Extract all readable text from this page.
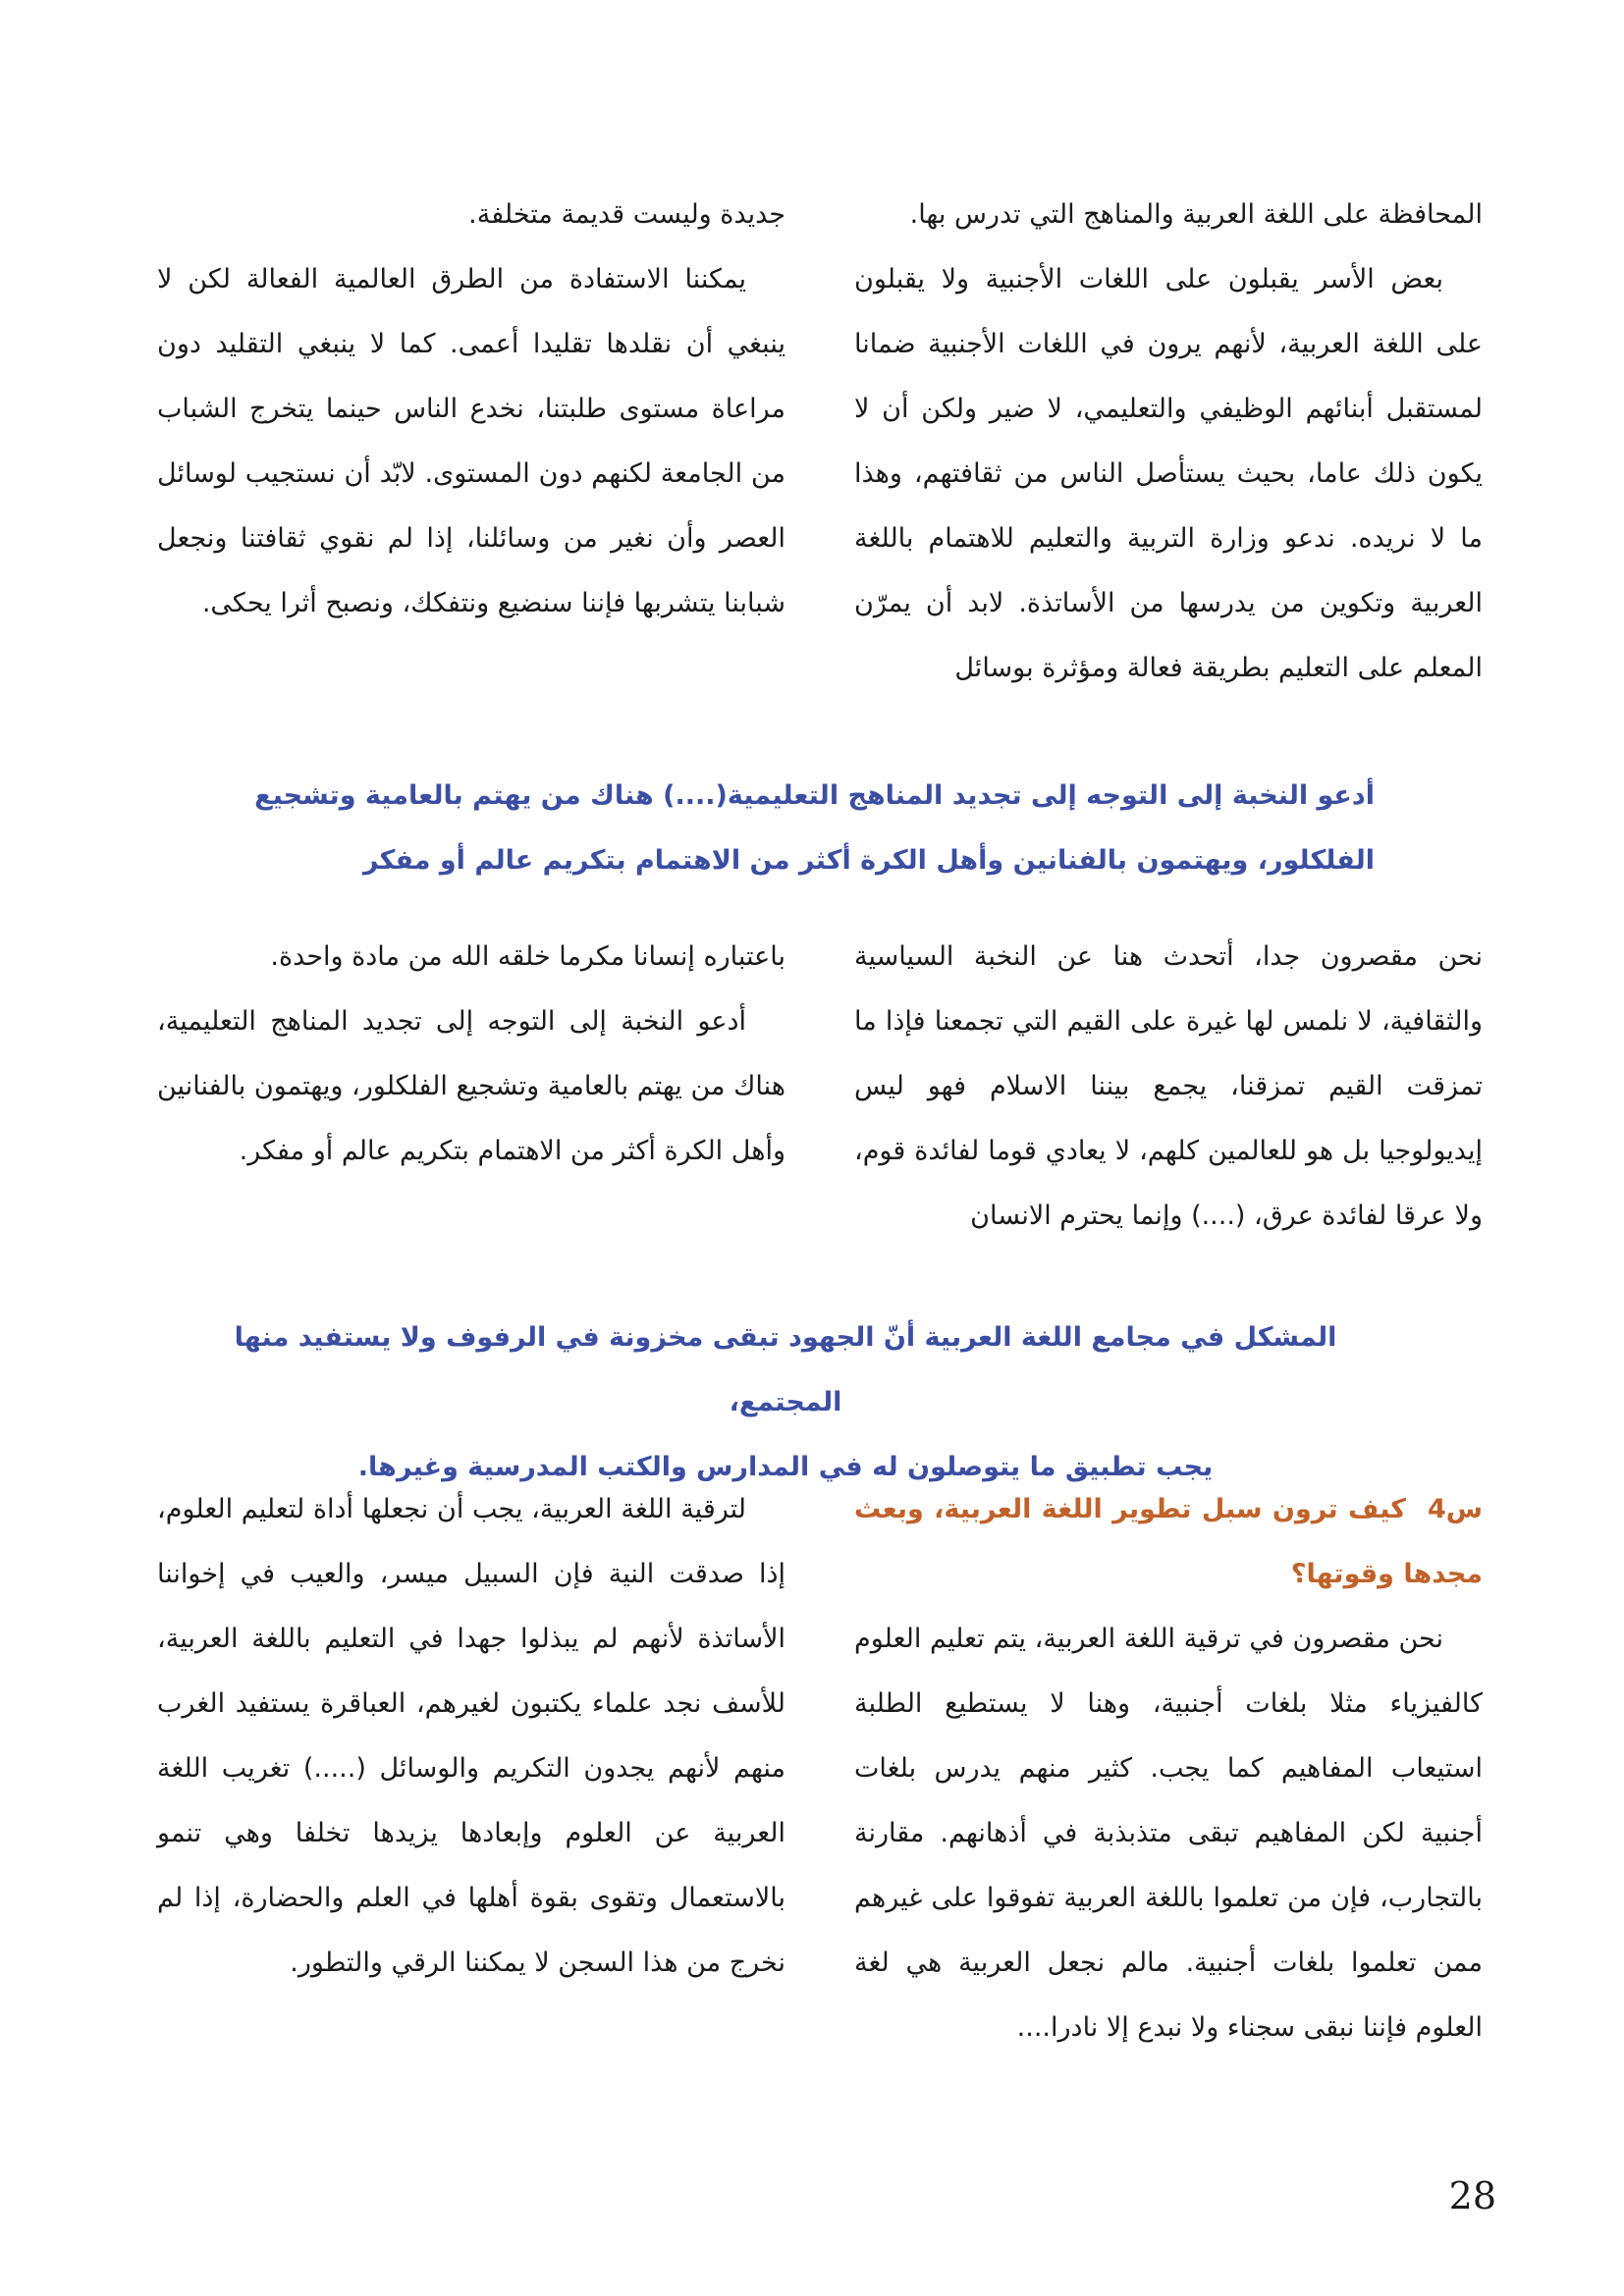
المحافظة على اللغة العربية والمناهج التي تدرس بها.

بعض الأسر يقبلون على اللغات الأجنبية ولا يقبلون على اللغة العربية، لأنهم يرون في اللغات الأجنبية ضمانا لمستقبل أبنائهم الوظيفي والتعليمي، لا ضير ولكن أن لا يكون ذلك عاما، بحيث يستأصل الناس من ثقافتهم، وهذا ما لا نريده. ندعو وزارة التربية والتعليم للاهتمام باللغة العربية وتكوين من يدرسها من الأساتذة. لابد أن يمرّن المعلم على التعليم بطريقة فعالة ومؤثرة بوسائل

جديدة وليست قديمة متخلفة.

يمكننا الاستفادة من الطرق العالمية الفعالة لكن لا ينبغي أن نقلدها تقليدا أعمى. كما لا ينبغي التقليد دون مراعاة مستوى طلبتنا، نخدع الناس حينما يتخرج الشباب من الجامعة لكنهم دون المستوى. لابّد أن نستجيب لوسائل العصر وأن نغير من وسائلنا، إذا لم نقوي ثقافتنا ونجعل شبابنا يتشربها فإننا سنضيع ونتفكك، ونصبح أثرا يحكى.

أدعو النخبة إلى التوجه إلى تجديد المناهج التعليمية(....) هناك من يهتم بالعامية وتشجيع

الفلكلور، ويهتمون بالفنانين وأهل الكرة أكثر من الاهتمام بتكريم عالم أو مفكر

نحن مقصرون جدا، أتحدث هنا عن النخبة السياسية والثقافية، لا نلمس لها غيرة على القيم التي تجمعنا فإذا ما تمزقت القيم تمزقنا، يجمع بيننا الاسلام فهو ليس إيديولوجيا بل هو للعالمين كلهم، لا يعادي قوما لفائدة قوم، ولا عرقا لفائدة عرق، (....) وإنما يحترم الانسان

باعتباره إنسانا مكرما خلقه الله من مادة واحدة.

أدعو النخبة إلى التوجه إلى تجديد المناهج التعليمية، هناك من يهتم بالعامية وتشجيع الفلكلور، ويهتمون بالفنانين وأهل الكرة أكثر من الاهتمام بتكريم عالم أو مفكر.

المشكل في مجامع اللغة العربية أنّ الجهود تبقى مخزونة في الرفوف ولا يستفيد منها المجتمع،

يجب تطبيق ما يتوصلون له في المدارس والكتب المدرسية وغيرها.

س4كيف ترون سبل تطوير اللغة العربية، وبعث مجدها وقوتها؟

نحن مقصرون في ترقية اللغة العربية، يتم تعليم العلوم كالفيزياء مثلا بلغات أجنبية، وهنا لا يستطيع الطلبة استيعاب المفاهيم كما يجب. كثير منهم يدرس بلغات أجنبية لكن المفاهيم تبقى متذبذبة في أذهانهم. مقارنة بالتجارب، فإن من تعلموا باللغة العربية تفوقوا على غيرهم ممن تعلموا بلغات أجنبية. مالم نجعل العربية هي لغة العلوم فإننا نبقى سجناء ولا نبدع إلا نادرا....

لترقية اللغة العربية، يجب أن نجعلها أداة لتعليم العلوم، إذا صدقت النية فإن السبيل ميسر، والعيب في إخواننا الأساتذة لأنهم لم يبذلوا جهدا في التعليم باللغة العربية، للأسف نجد علماء يكتبون لغيرهم، العباقرة يستفيد الغرب منهم لأنهم يجدون التكريم والوسائل (.....) تغريب اللغة العربية عن العلوم وإبعادها يزيدها تخلفا وهي تنمو بالاستعمال وتقوى بقوة أهلها في العلم والحضارة، إذا لم نخرج من هذا السجن لا يمكننا الرقي والتطور.

28
